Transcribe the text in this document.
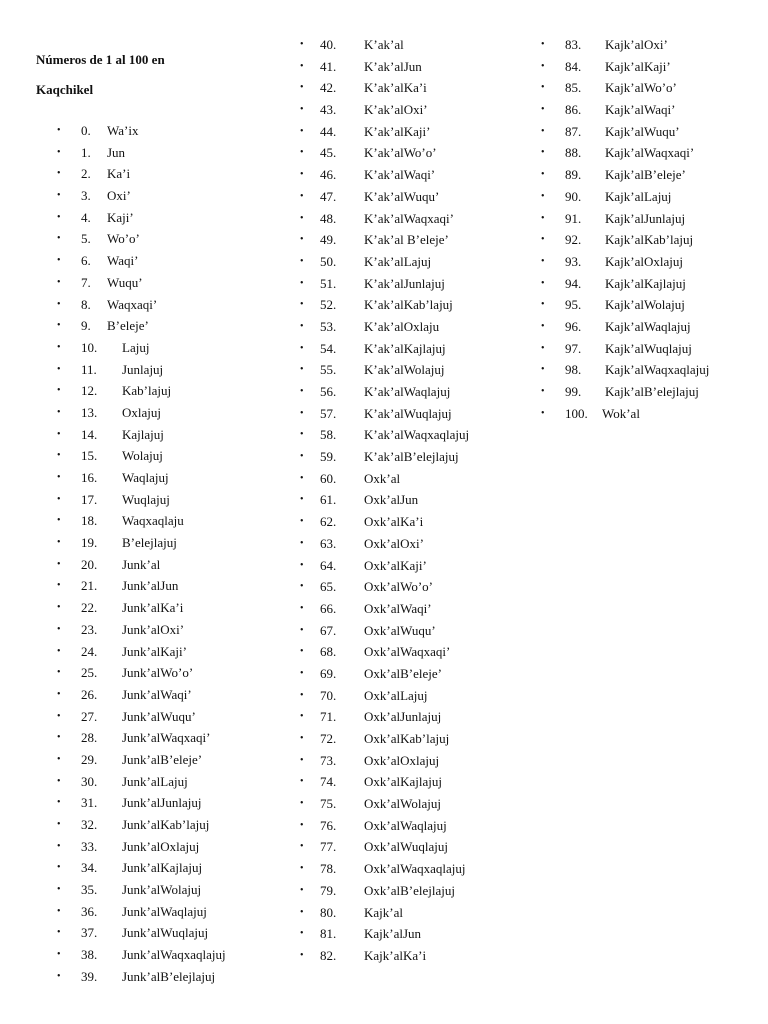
Números de 1 al 100 en

Kaqchikel

• 0. Wa’ix
• 1. Jun
• 2. Ka’i
• 3. Oxi’
• 4. Kaji’
• 5. Wo’o’
• 6. Waqi’
• 7. Wuqu’
• 8. Waqxaqi’
• 9. B’eleje’
• 10. Lajuj
• 11. Junlajuj
• 12. Kab’lajuj
• 13. Oxlajuj
• 14. Kajlajuj
• 15. Wolajuj
• 16. Waqlajuj
• 17. Wuqlajuj
• 18. Waqxaqlaju
• 19. B’elejlajuj
• 20. Junk’al
• 21. Junk’alJun
• 22. Junk’alKa’i
• 23. Junk’alOxi’
• 24. Junk’alKaji’
• 25. Junk’alWo’o’
• 26. Junk’alWaqi’
• 27. Junk’alWuqu’
• 28. Junk’alWaqxaqi’
• 29. Junk’alB’eleje’
• 30. Junk’alLajuj
• 31. Junk’alJunlajuj
• 32. Junk’alKab’lajuj
• 33. Junk’alOxlajuj
• 34. Junk’alKajlajuj
• 35. Junk’alWolajuj
• 36. Junk’alWaqlajuj
• 37. Junk’alWuqlajuj
• 38. Junk’alWaqxaqlajuj
• 39. Junk’alB’elejlajuj
• 40. K’ak’al
• 41. K’ak’alJun
• 42. K’ak’alKa’i
• 43. K’ak’alOxi’
• 44. K’ak’alKaji’
• 45. K’ak’alWo’o’
• 46. K’ak’alWaqi’
• 47. K’ak’alWuqu’
• 48. K’ak’alWaqxaqi’
• 49. K’ak’al B’eleje’
• 50. K’ak’alLajuj
• 51. K’ak’alJunlajuj
• 52. K’ak’alKab’lajuj
• 53. K’ak’alOxlaju
• 54. K’ak’alKajlajuj
• 55. K’ak’alWolajuj
• 56. K’ak’alWaqlajuj
• 57. K’ak’alWuqlajuj
• 58. K’ak’alWaqxaqlajuj
• 59. K’ak’alB’elejlajuj
• 60. Oxk’al
• 61. Oxk’alJun
• 62. Oxk’alKa’i
• 63. Oxk’alOxi’
• 64. Oxk’alKaji’
• 65. Oxk’alWo’o’
• 66. Oxk’alWaqi’
• 67. Oxk’alWuqu’
• 68. Oxk’alWaqxaqi’
• 69. Oxk’alB’eleje’
• 70. Oxk’alLajuj
• 71. Oxk’alJunlajuj
• 72. Oxk’alKab’lajuj
• 73. Oxk’alOxlajuj
• 74. Oxk’alKajlajuj
• 75. Oxk’alWolajuj
• 76. Oxk’alWaqlajuj
• 77. Oxk’alWuqlajuj
• 78. Oxk’alWaqxaqlajuj
• 79. Oxk’alB’elejlajuj
• 80. Kajk’al
• 81. Kajk’alJun
• 82. Kajk’alKa’i
• 83. Kajk’alOxi’
• 84. Kajk’alKaji’
• 85. Kajk’alWo’o’
• 86. Kajk’alWaqi’
• 87. Kajk’alWuqu’
• 88. Kajk’alWaqxaqi’
• 89. Kajk’alB’eleje’
• 90. Kajk’alLajuj
• 91. Kajk’alJunlajuj
• 92. Kajk’alKab’lajuj
• 93. Kajk’alOxlajuj
• 94. Kajk’alKajlajuj
• 95. Kajk’alWolajuj
• 96. Kajk’alWaqlajuj
• 97. Kajk’alWuqlajuj
• 98. Kajk’alWaqxaqlajuj
• 99. Kajk’alB’elejlajuj
• 100. Wok’al
